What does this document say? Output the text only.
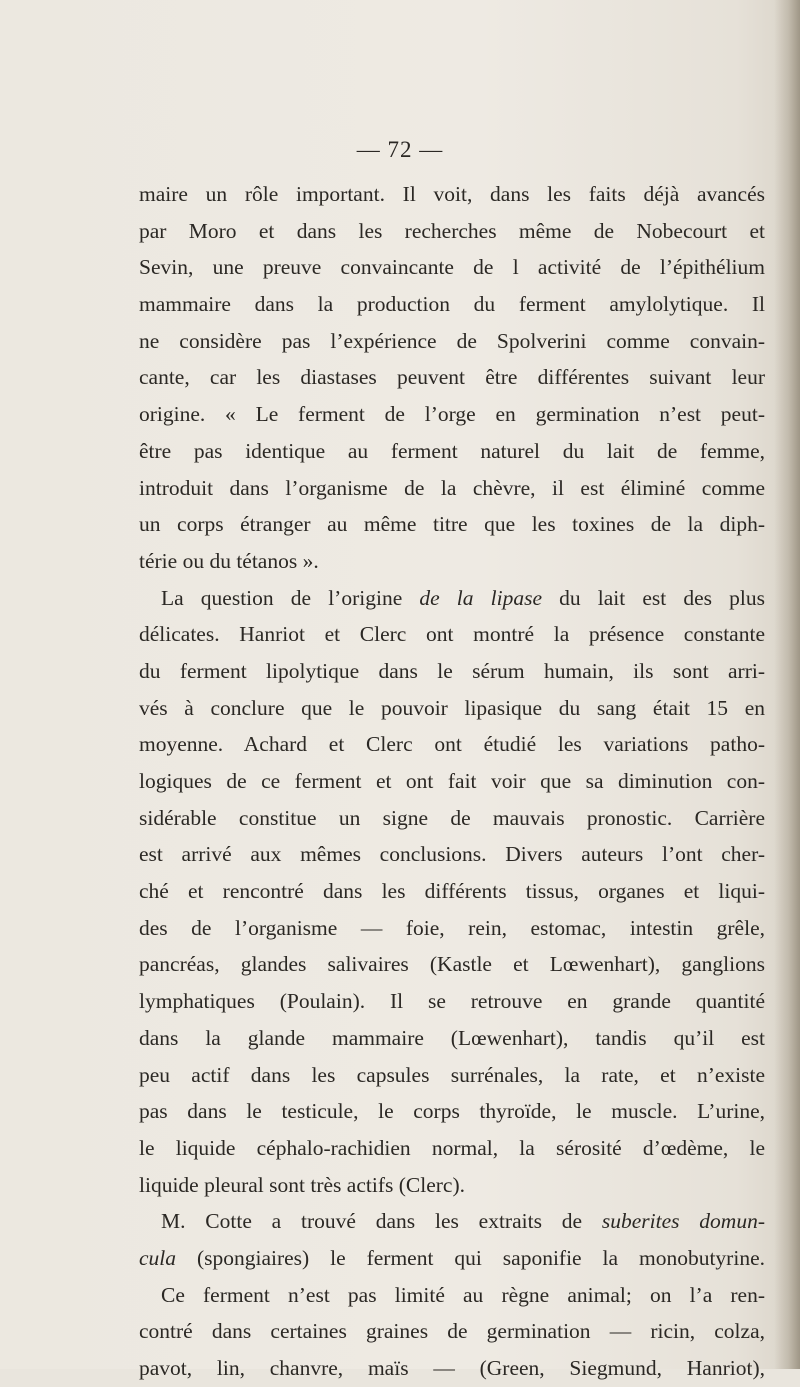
— 72 —
maire un rôle important. Il voit, dans les faits déjà avancés
par Moro et dans les recherches même de Nobecourt et
Sevin, une preuve convaincante de l activité de l’épithélium
mammaire dans la production du ferment amylolytique. Il
ne considère pas l’expérience de Spolverini comme convain-
cante, car les diastases peuvent être différentes suivant leur
origine. « Le ferment de l’orge en germination n’est peut-
être pas identique au ferment naturel du lait de femme,
introduit dans l’organisme de la chèvre, il est éliminé comme
un corps étranger au même titre que les toxines de la diph-
térie ou du tétanos ».
La question de l’origine de la lipase du lait est des plus
délicates. Hanriot et Clerc ont montré la présence constante
du ferment lipolytique dans le sérum humain, ils sont arri-
vés à conclure que le pouvoir lipasique du sang était 15 en
moyenne. Achard et Clerc ont étudié les variations patho-
logiques de ce ferment et ont fait voir que sa diminution con-
sidérable constitue un signe de mauvais pronostic. Carrière
est arrivé aux mêmes conclusions. Divers auteurs l’ont cher-
ché et rencontré dans les différents tissus, organes et liqui-
des de l’organisme — foie, rein, estomac, intestin grêle,
pancréas, glandes salivaires (Kastle et Lœwenhart), ganglions
lymphatiques (Poulain). Il se retrouve en grande quantité
dans la glande mammaire (Lœwenhart), tandis qu’il est
peu actif dans les capsules surrénales, la rate, et n’existe
pas dans le testicule, le corps thyroïde, le muscle. L’urine,
le liquide céphalo-rachidien normal, la sérosité d’œdème, le
liquide pleural sont très actifs (Clerc).
M. Cotte a trouvé dans les extraits de suberites domun-
cula (spongiaires) le ferment qui saponifie la monobutyrine.
Ce ferment n’est pas limité au règne animal; on l’a ren-
contré dans certaines graines de germination — ricin, colza,
pavot, lin, chanvre, maïs — (Green, Siegmund, Hanriot),
